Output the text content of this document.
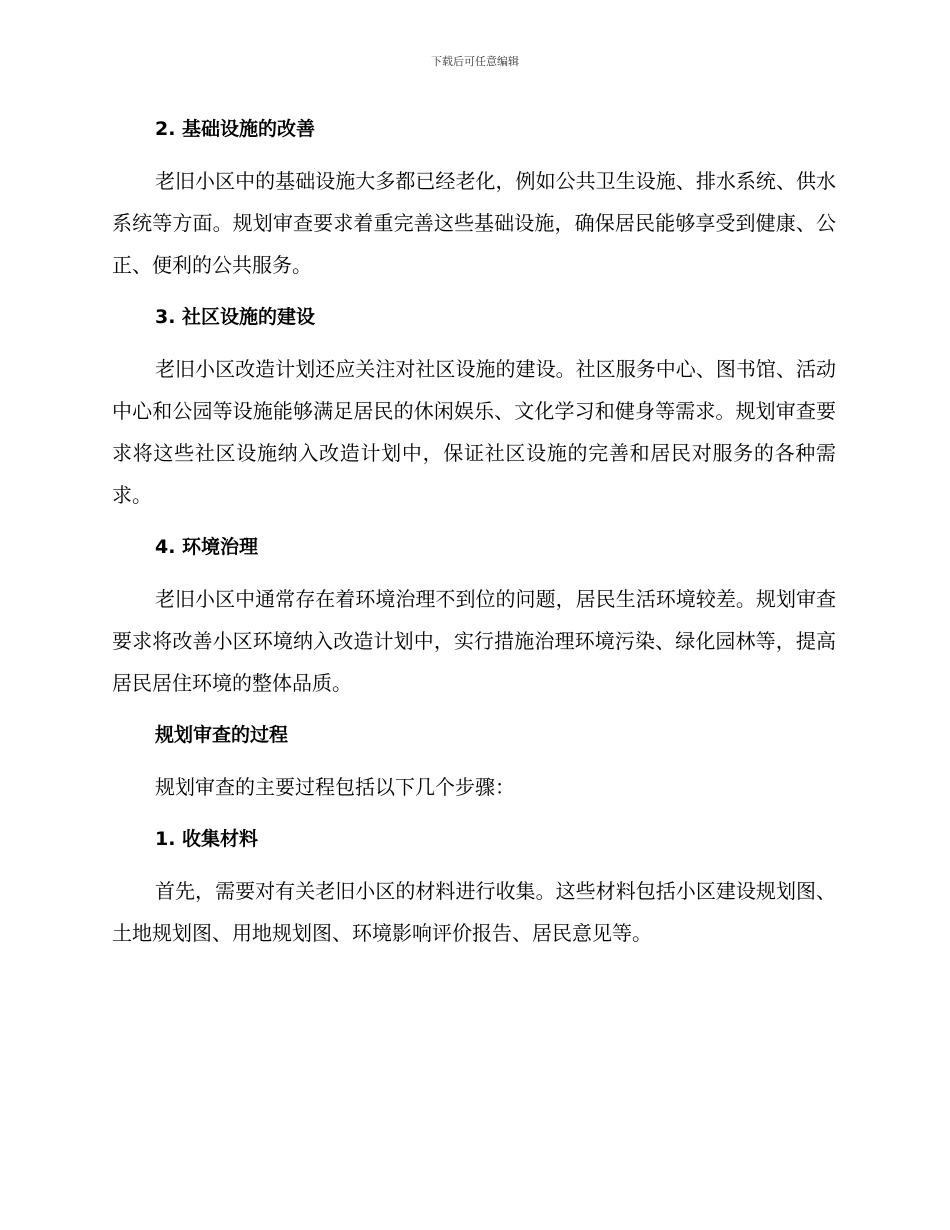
下载后可任意编辑
2. 基础设施的改善
老旧小区中的基础设施大多都已经老化，例如公共卫生设施、排水系统、供水系统等方面。规划审查要求着重完善这些基础设施，确保居民能够享受到健康、公正、便利的公共服务。
3. 社区设施的建设
老旧小区改造计划还应关注对社区设施的建设。社区服务中心、图书馆、活动中心和公园等设施能够满足居民的休闲娱乐、文化学习和健身等需求。规划审查要求将这些社区设施纳入改造计划中，保证社区设施的完善和居民对服务的各种需求。
4. 环境治理
老旧小区中通常存在着环境治理不到位的问题，居民生活环境较差。规划审查要求将改善小区环境纳入改造计划中，实行措施治理环境污染、绿化园林等，提高居民居住环境的整体品质。
规划审查的过程
规划审查的主要过程包括以下几个步骤：
1. 收集材料
首先，需要对有关老旧小区的材料进行收集。这些材料包括小区建设规划图、土地规划图、用地规划图、环境影响评价报告、居民意见等。
